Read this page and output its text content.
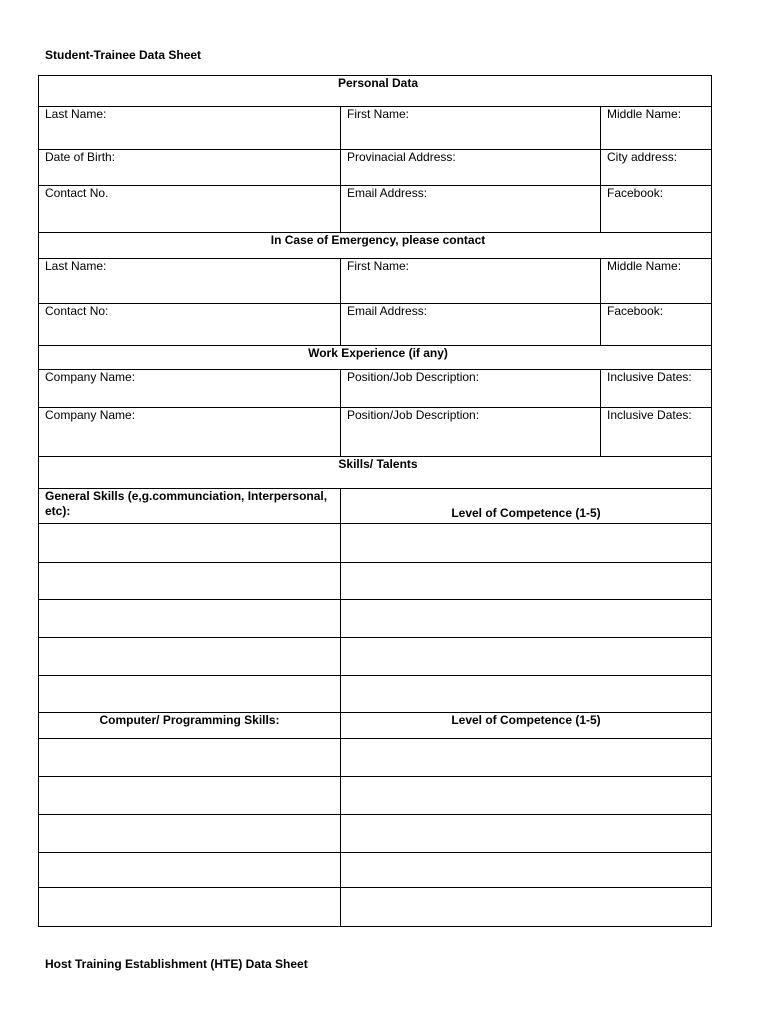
Student-Trainee Data Sheet
Personal Data		
Last Name:	First Name:	Middle Name:
Date of Birth:	Provinacial Address:	City address:
Contact No.	Email Address:	Facebook:
In Case of Emergency, please contact		
Last Name:	First Name:	Middle Name:
Contact No:	Email Address:	Facebook:
Work Experience (if any)		
Company Name:	Position/Job Description:	Inclusive Dates:
Company Name:	Position/Job Description:	Inclusive Dates:
Skills/ Talents		
General Skills (e,g.communciation, Interpersonal, etc):	Level of Competence (1-5)	

Computer/ Programming Skills:	Level of Competence (1-5)	

Host Training Establishment (HTE) Data Sheet
